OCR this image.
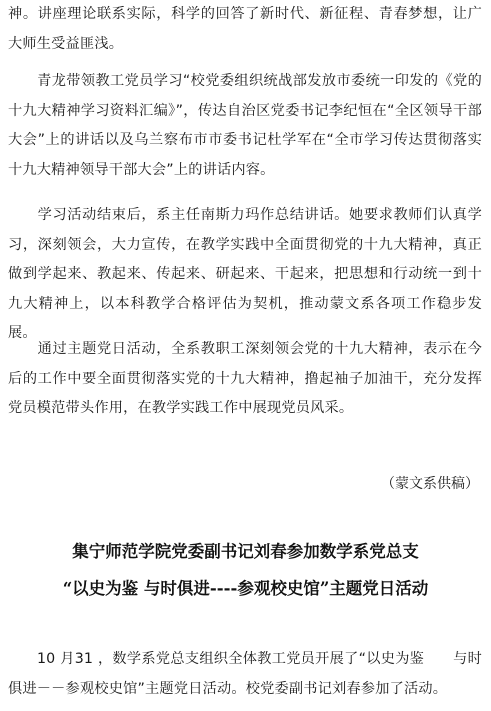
神。讲座理论联系实际，科学的回答了新时代、新征程、青春梦想，让广大师生受益匪浅。

　　青龙带领教工党员学习“校党委组织统战部发放市委统一印发的《党的十九大精神学习资料汇编》”，传达自治区党委书记李纪恒在“全区领导干部大会”上的讲话以及乌兰察布市市委书记杜学军在“全市学习传达贯彻落实十九大精神领导干部大会”上的讲话内容。

　　学习活动结束后，系主任南斯力玛作总结讲话。她要求教师们认真学习，深刻领会，大力宣传，在教学实践中全面贯彻党的十九大精神，真正做到学起来、教起来、传起来、研起来、干起来，把思想和行动统一到十九大精神上，以本科教学合格评估为契机，推动蒙文系各项工作稳步发展。

　　通过主题党日活动，全系教职工深刻领会党的十九大精神，表示在今后的工作中要全面贯彻落实党的十九大精神，撸起袖子加油干，充分发挥党员模范带头作用，在教学实践工作中展现党员风采。

（蒙文系供稿）

集宁师范学院党委副书记刘春参加数学系党总支
“以史为鉴 与时俱进----参观校史馆”主题党日活动

　　10 月31 ，数学系党总支组织全体教工党员开展了“以史为鉴　　与时俱进－－参观校史馆”主题党日活动。校党委副书记刘春参加了活动。
